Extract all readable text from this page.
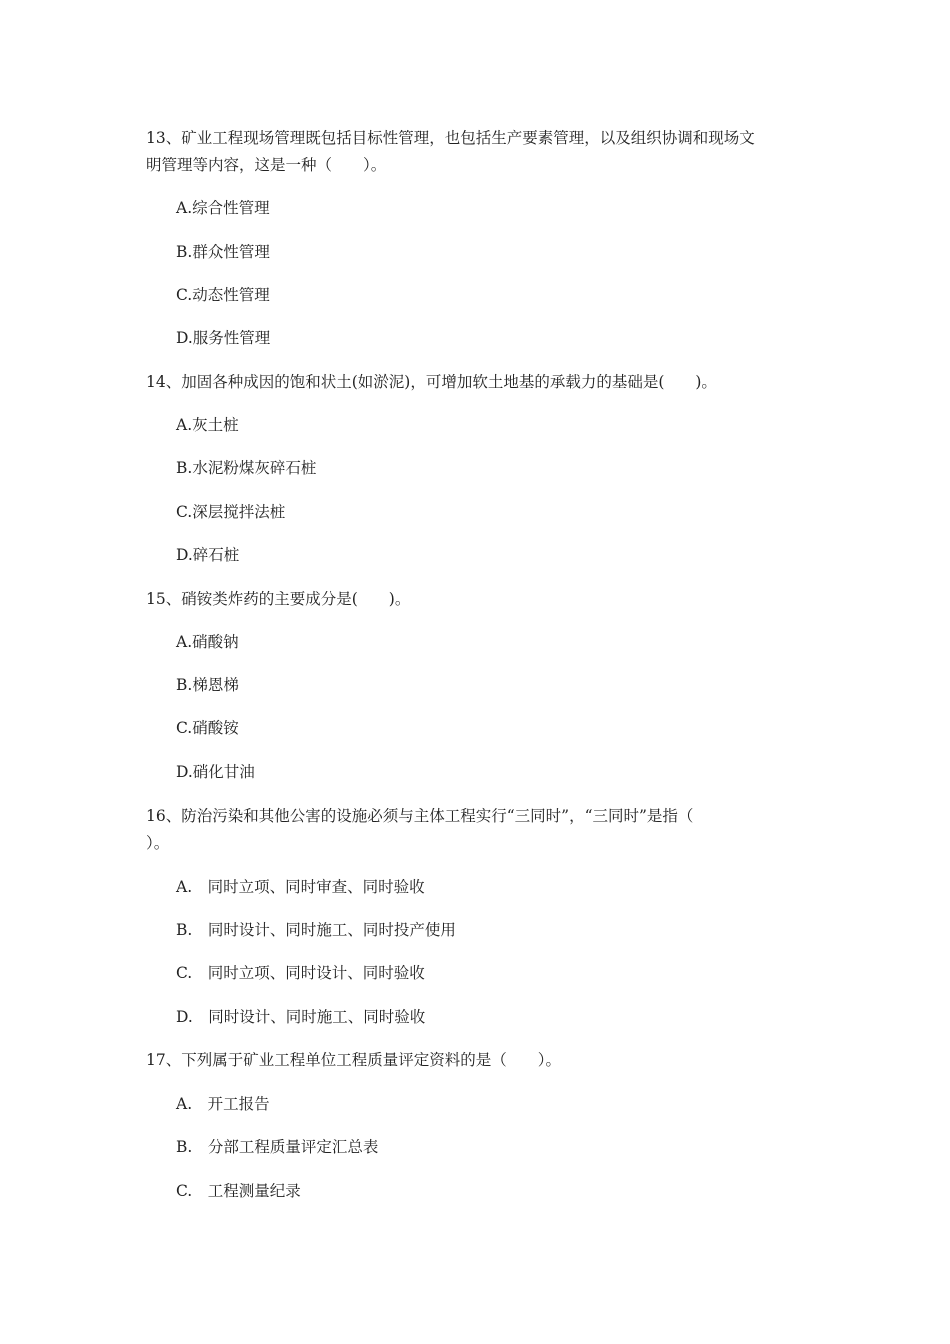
13、矿业工程现场管理既包括目标性管理，也包括生产要素管理，以及组织协调和现场文
明管理等内容，这是一种（　　）。
A.综合性管理
B.群众性管理
C.动态性管理
D.服务性管理
14、加固各种成因的饱和状土(如淤泥)，可增加软土地基的承载力的基础是(　　)。
A.灰土桩
B.水泥粉煤灰碎石桩
C.深层搅拌法桩
D.碎石桩
15、硝铵类炸药的主要成分是(　　)。
A.硝酸钠
B.梯恩梯
C.硝酸铵
D.硝化甘油
16、防治污染和其他公害的设施必须与主体工程实行“三同时”，“三同时”是指（
）。
A.　同时立项、同时审查、同时验收
B.　同时设计、同时施工、同时投产使用
C.　同时立项、同时设计、同时验收
D.　同时设计、同时施工、同时验收
17、下列属于矿业工程单位工程质量评定资料的是（　　）。
A.　开工报告
B.　分部工程质量评定汇总表
C.　工程测量纪录
